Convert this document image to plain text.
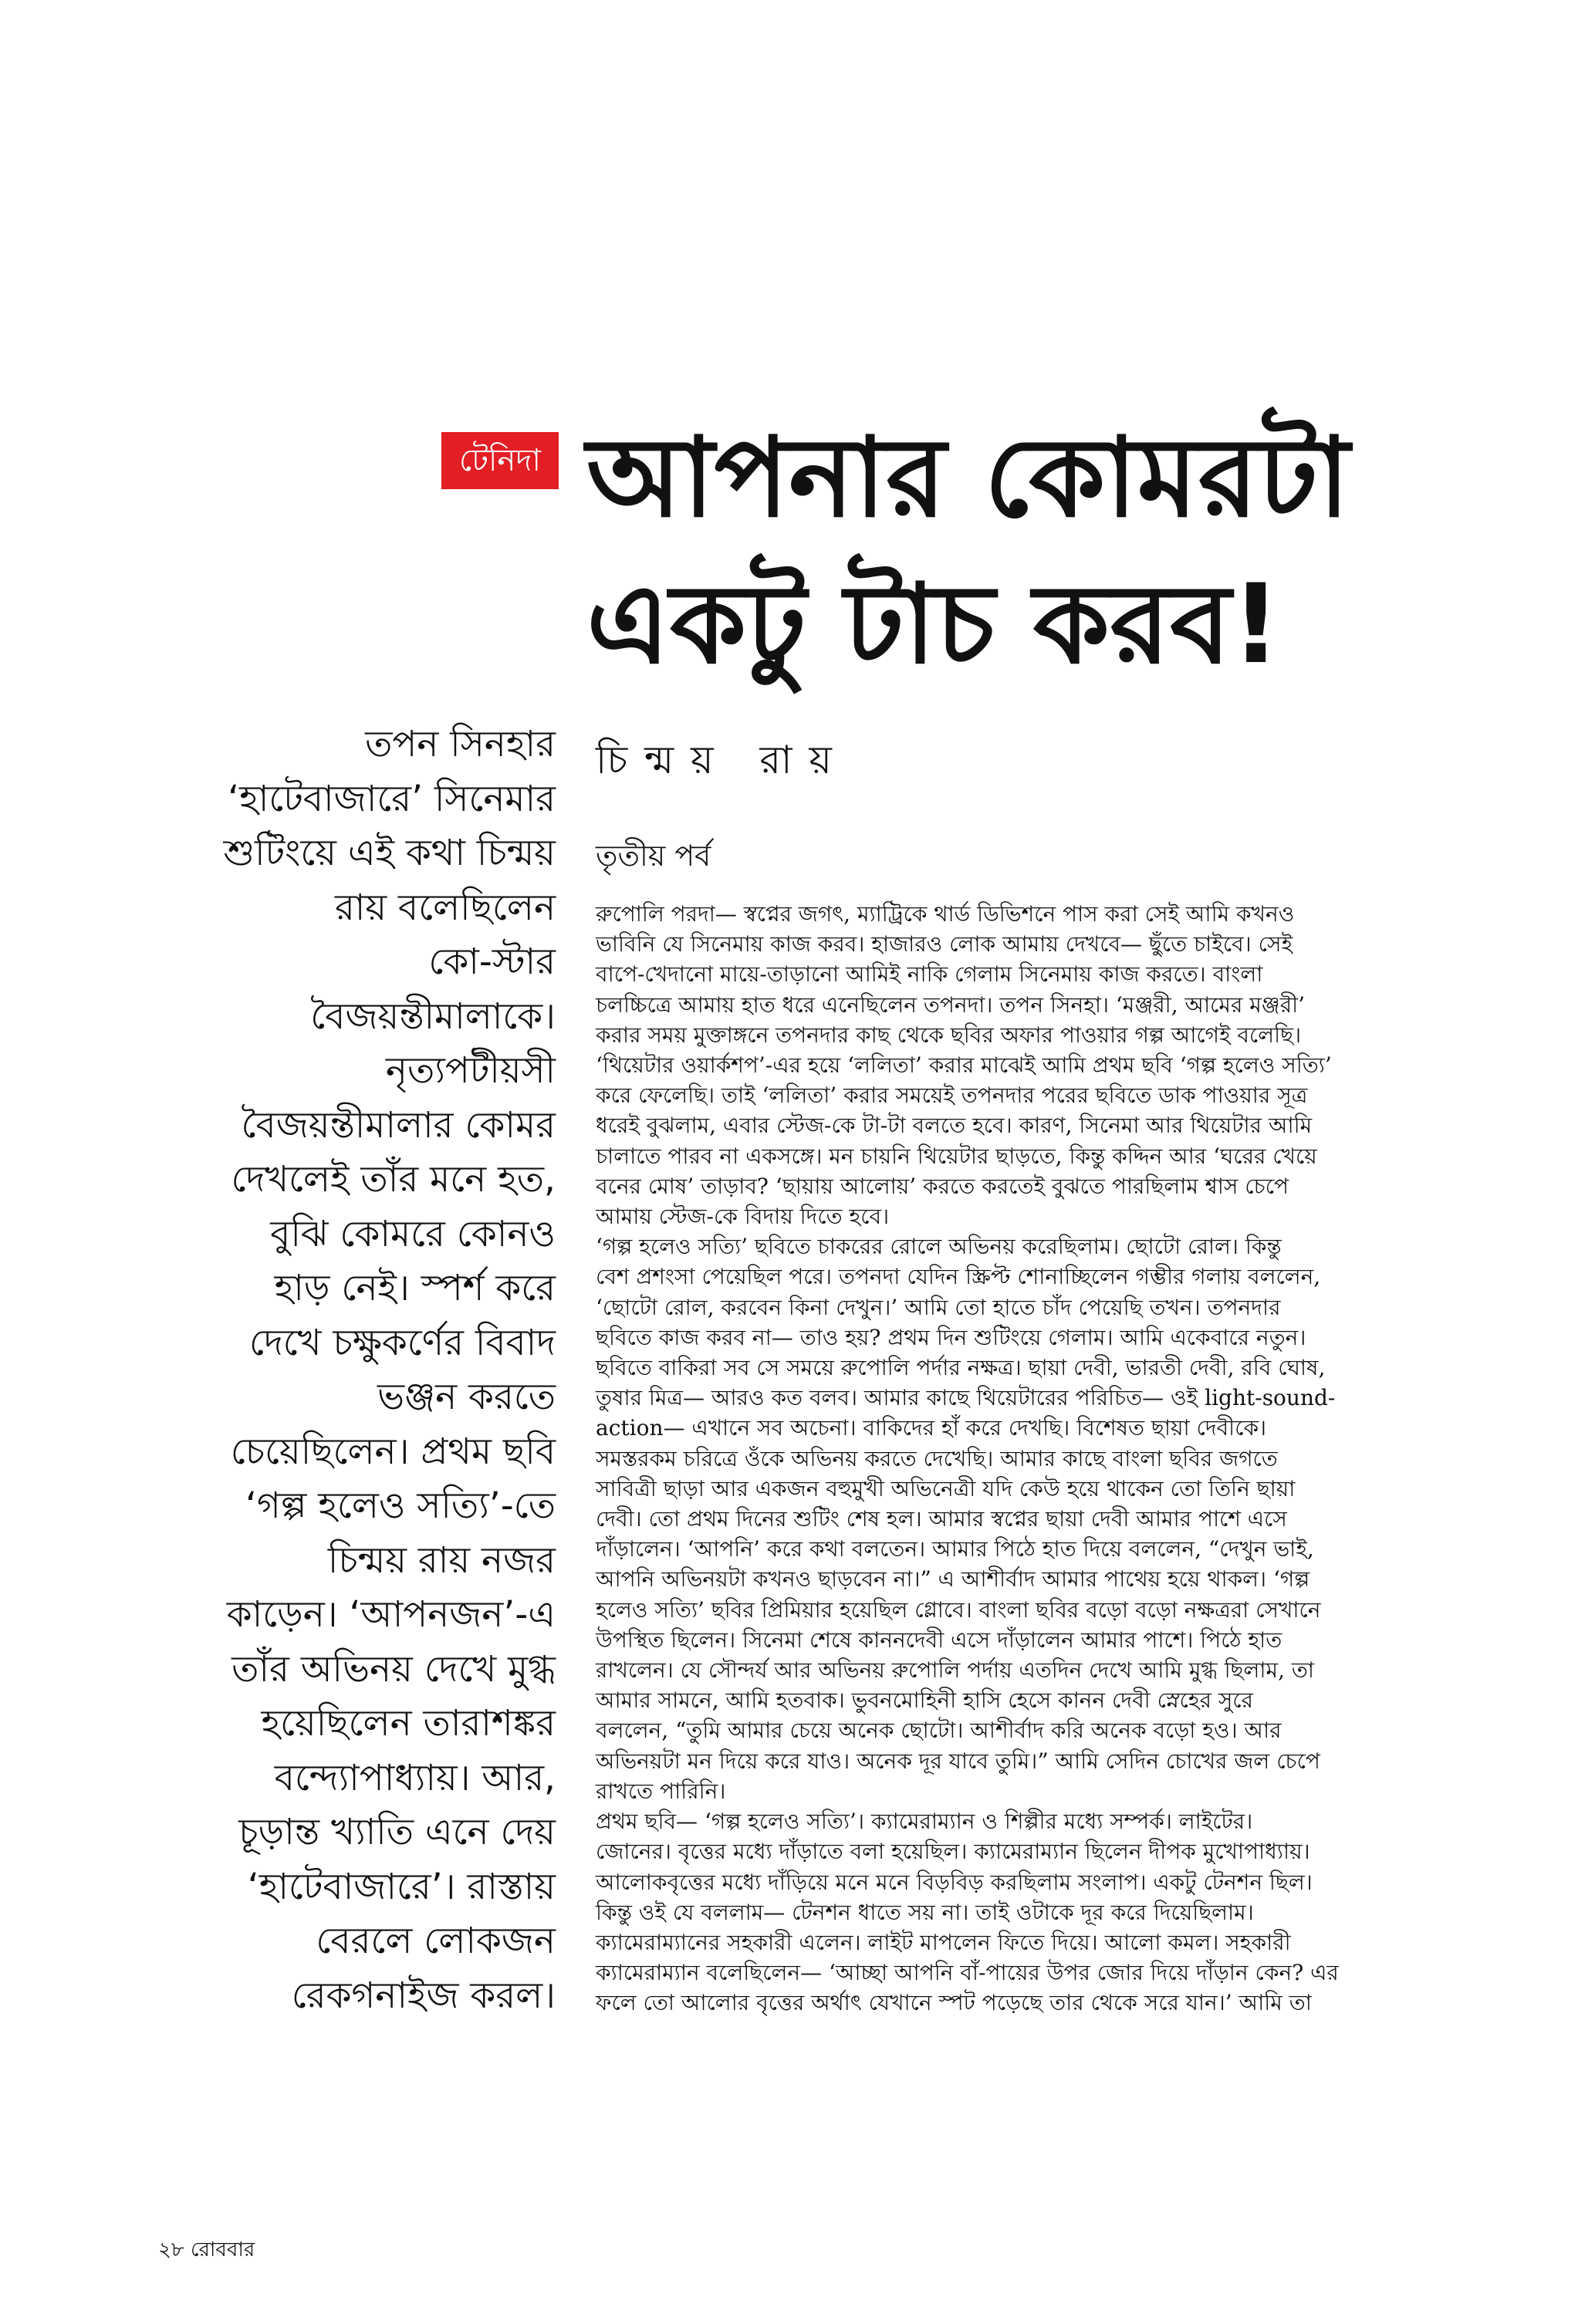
টেনিদা আপনার কোমরটা
একটু টাচ করব!
তপন সিনহার
‘হাটেবাজারে’ সিনেমার
শুটিংয়ে এই কথা চিন্ময়
রায় বলেছিলেন
কো-স্টার
বৈজয়ন্তীমালাকে।
নৃত্যপটীয়সী
বৈজয়ন্তীমালার কোমর
দেখলেই তাঁর মনে হত,
বুঝি কোমরে কোনও
হাড় নেই। স্পর্শ করে
দেখে চক্ষুকর্ণের বিবাদ
ভঞ্জন করতে
চেয়েছিলেন। প্রথম ছবি
‘গল্প হলেও সত্যি’-তে
চিন্ময় রায় নজর
কাড়েন। ‘আপনজন’-এ
তাঁর অভিনয় দেখে মুগ্ধ
হয়েছিলেন তারাশঙ্কর
বন্দ্যোপাধ্যায়। আর,
চূড়ান্ত খ্যাতি এনে দেয়
‘হাটেবাজারে’। রাস্তায়
বেরলে লোকজন
রেকগনাইজ করল।
চিন্ময় রায়
তৃতীয় পর্ব
রুপোলি পরদা— স্বপ্নের জগৎ, ম্যাট্রিকে থার্ড ডিভিশনে পাস করা সেই আমি কখনও
ভাবিনি যে সিনেমায় কাজ করব। হাজারও লোক আমায় দেখবে— ছুঁতে চাইবে। সেই
বাপে-খেদানো মায়ে-তাড়ানো আমিই নাকি গেলাম সিনেমায় কাজ করতে। বাংলা
চলচ্চিত্রে আমায় হাত ধরে এনেছিলেন তপনদা। তপন সিনহা। ‘মঞ্জরী, আমের মঞ্জরী’
করার সময় মুক্তাঙ্গনে তপনদার কাছ থেকে ছবির অফার পাওয়ার গল্প আগেই বলেছি।
‘থিয়েটার ওয়ার্কশপ’-এর হয়ে ‘ললিতা’ করার মাঝেই আমি প্রথম ছবি ‘গল্প হলেও সত্যি’
করে ফেলেছি। তাই ‘ললিতা’ করার সময়েই তপনদার পরের ছবিতে ডাক পাওয়ার সূত্র
ধরেই বুঝলাম, এবার স্টেজ-কে টা-টা বলতে হবে। কারণ, সিনেমা আর থিয়েটার আমি
চালাতে পারব না একসঙ্গে। মন চায়নি থিয়েটার ছাড়তে, কিন্তু কদ্দিন আর ‘ঘরের খেয়ে
বনের মোষ’ তাড়াব? ‘ছায়ায় আলোয়’ করতে করতেই বুঝতে পারছিলাম শ্বাস চেপে
আমায় স্টেজ-কে বিদায় দিতে হবে।
‘গল্প হলেও সত্যি’ ছবিতে চাকরের রোলে অভিনয় করেছিলাম। ছোটো রোল। কিন্তু
বেশ প্রশংসা পেয়েছিল পরে। তপনদা যেদিন স্ক্রিপ্ট শোনাচ্ছিলেন গম্ভীর গলায় বললেন,
‘ছোটো রোল, করবেন কিনা দেখুন।’ আমি তো হাতে চাঁদ পেয়েছি তখন। তপনদার
ছবিতে কাজ করব না— তাও হয়? প্রথম দিন শুটিংয়ে গেলাম। আমি একেবারে নতুন।
ছবিতে বাকিরা সব সে সময়ে রুপোলি পর্দার নক্ষত্র। ছায়া দেবী, ভারতী দেবী, রবি ঘোষ,
তুষার মিত্র— আরও কত বলব। আমার কাছে থিয়েটারের পরিচিত— ওই light-sound-
action— এখানে সব অচেনা। বাকিদের হাঁ করে দেখছি। বিশেষত ছায়া দেবীকে।
সমস্তরকম চরিত্রে ওঁকে অভিনয় করতে দেখেছি। আমার কাছে বাংলা ছবির জগতে
সাবিত্রী ছাড়া আর একজন বহুমুখী অভিনেত্রী যদি কেউ হয়ে থাকেন তো তিনি ছায়া
দেবী। তো প্রথম দিনের শুটিং শেষ হল। আমার স্বপ্নের ছায়া দেবী আমার পাশে এসে
দাঁড়ালেন। ‘আপনি’ করে কথা বলতেন। আমার পিঠে হাত দিয়ে বললেন, “দেখুন ভাই,
আপনি অভিনয়টা কখনও ছাড়বেন না।” এ আশীর্বাদ আমার পাথেয় হয়ে থাকল। ‘গল্প
হলেও সত্যি’ ছবির প্রিমিয়ার হয়েছিল গ্লোবে। বাংলা ছবির বড়ো বড়ো নক্ষত্ররা সেখানে
উপস্থিত ছিলেন। সিনেমা শেষে কাননদেবী এসে দাঁড়ালেন আমার পাশে। পিঠে হাত
রাখলেন। যে সৌন্দর্য আর অভিনয় রুপোলি পর্দায় এতদিন দেখে আমি মুগ্ধ ছিলাম, তা
আমার সামনে, আমি হতবাক। ভুবনমোহিনী হাসি হেসে কানন দেবী স্নেহের সুরে
বললেন, “তুমি আমার চেয়ে অনেক ছোটো। আশীর্বাদ করি অনেক বড়ো হও। আর
অভিনয়টা মন দিয়ে করে যাও। অনেক দূর যাবে তুমি।” আমি সেদিন চোখের জল চেপে
রাখতে পারিনি।
প্রথম ছবি— ‘গল্প হলেও সত্যি’। ক্যামেরাম্যান ও শিল্পীর মধ্যে সম্পর্ক। লাইটের।
জোনের। বৃত্তের মধ্যে দাঁড়াতে বলা হয়েছিল। ক্যামেরাম্যান ছিলেন দীপক মুখোপাধ্যায়।
আলোকবৃত্তের মধ্যে দাঁড়িয়ে মনে মনে বিড়বিড় করছিলাম সংলাপ। একটু টেনশন ছিল।
কিন্তু ওই যে বললাম— টেনশন ধাতে সয় না। তাই ওটাকে দূর করে দিয়েছিলাম।
ক্যামেরাম্যানের সহকারী এলেন। লাইট মাপলেন ফিতে দিয়ে। আলো কমল। সহকারী
ক্যামেরাম্যান বলেছিলেন— ‘আচ্ছা আপনি বাঁ-পায়ের উপর জোর দিয়ে দাঁড়ান কেন? এর
ফলে তো আলোর বৃত্তের অর্থাৎ যেখানে স্পট পড়েছে তার থেকে সরে যান।’ আমি তা
২৮ রোববার
